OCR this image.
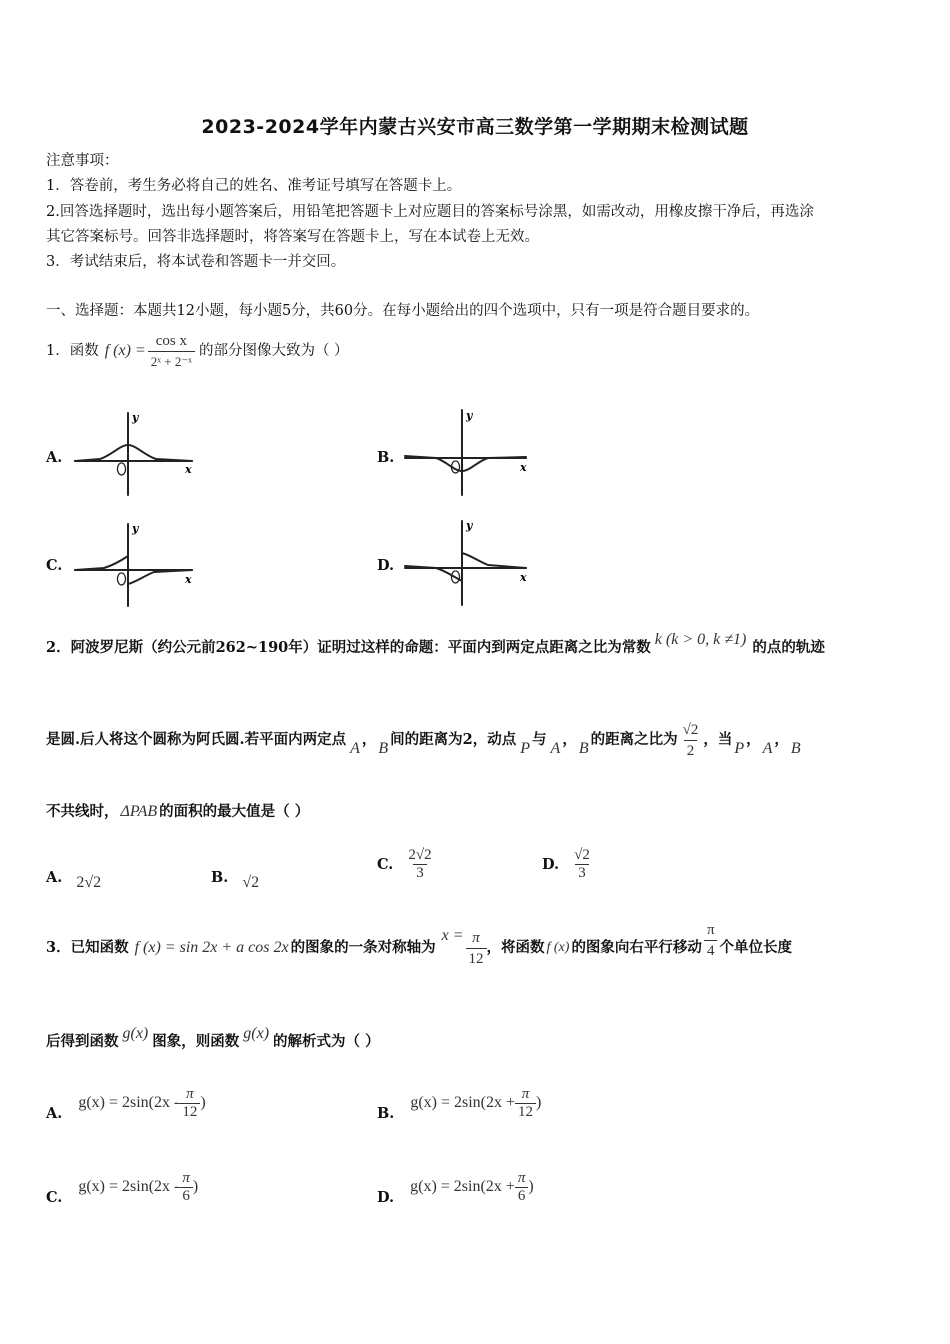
2023-2024学年内蒙古兴安市高三数学第一学期期末检测试题
注意事项：
1．答卷前，考生务必将自己的姓名、准考证号填写在答题卡上。
2.回答选择题时，选出每小题答案后，用铅笔把答题卡上对应题目的答案标号涂黑，如需改动，用橡皮擦干净后，再选涂
其它答案标号。回答非选择题时，将答案写在答题卡上，写在本试卷上无效。
3．考试结束后，将本试卷和答题卡一并交回。
一、选择题：本题共12小题，每小题5分，共60分。在每小题给出的四个选项中，只有一项是符合题目要求的。
1．函数 f $(x) = \frac{\text{cos x}}{\text{2ˣ + 2⁻ˣ}}$ 的部分图像大致为（ ）
A.	B.
C.	D.
y
x
y
x
y
x
y
x
2．阿波罗尼斯（约公元前262~190年）证明过这样的命题：平面内到两定点距离之比为常数 k (k > 0, k ≠1) 的点的轨迹
是圆.后人将这个圆称为阿氏圆.若平面内两定点
A
，
B
间的距离为2，动点
P
与
A
，
B
的距离之比为 $\frac{√2}{2}$ ，当
P
，
A
，
B
不共线时， ΔPAB 的面积的最大值是（ ）
A. 2√2	B. √2
C. $\frac{2√2}{3}$	D. $\frac{√2}{3}$
3．已知函数 f (x) = sin 2x + a cos 2x 的图象的一条对称轴为
$x = \frac{\pi}{12}$ ，将函数 f (x) 的图象向右平行移动 $\frac{\pi}{4}$ 个单位长度
后得到函数 g(x) 图象，则函数 g(x) 的解析式为（ ）
A.
$g(x) = 2\sin(2x - \frac{\pi}{12}$ )
B.
$g(x) = 2\sin(2x + \frac{\pi}{12}$ )
C.
$g(x) = 2\sin(2x - \frac{\pi}{6}$ )
D.
$g(x) = 2\sin(2x + \frac{\pi}{6}$ )
